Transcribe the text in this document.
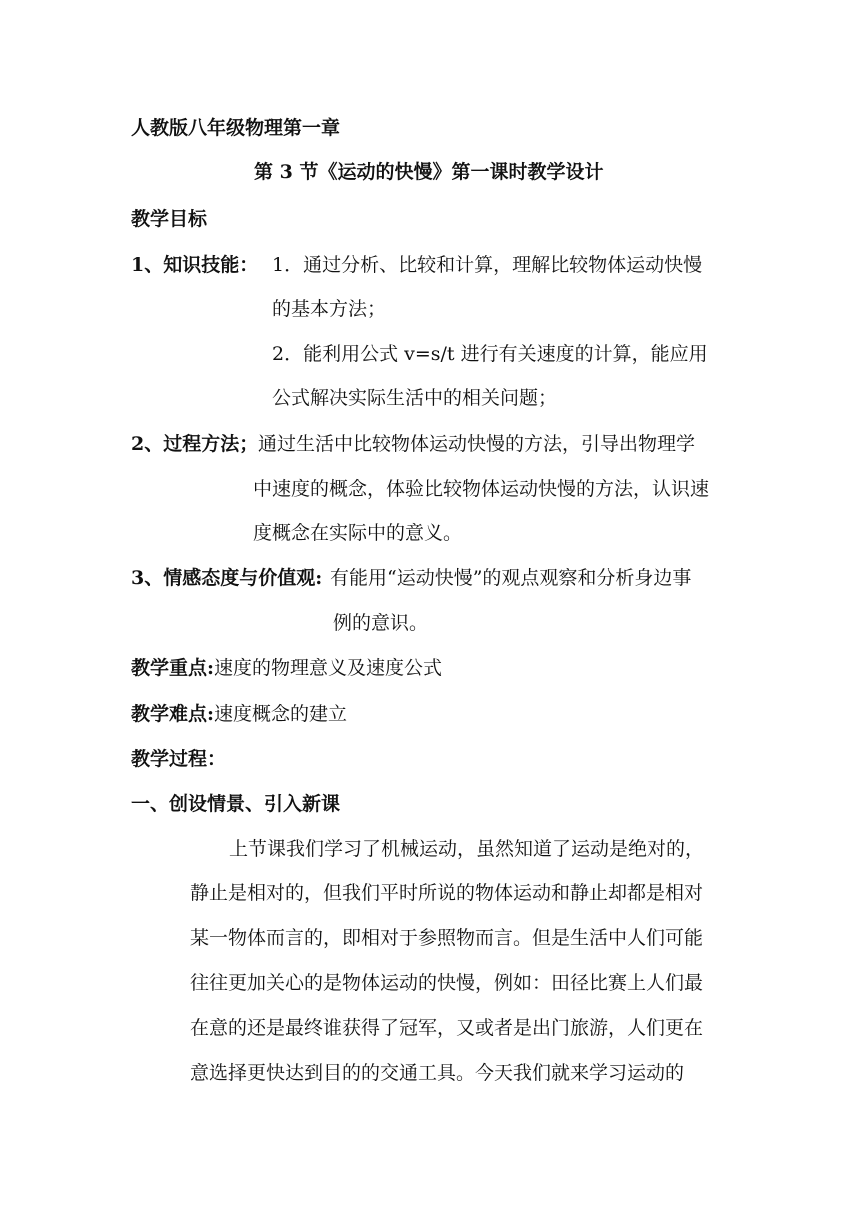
人教版八年级物理第一章
第 3 节《运动的快慢》第一课时教学设计
教学目标
1、知识技能： 1．通过分析、比较和计算，理解比较物体运动快慢
的基本方法；
2．能利用公式 v=s/t 进行有关速度的计算，能应用
公式解决实际生活中的相关问题；
2、过程方法； 通过生活中比较物体运动快慢的方法，引导出物理学
中速度的概念，体验比较物体运动快慢的方法，认识速
度概念在实际中的意义。
3、情感态度与价值观: 有能用“运动快慢”的观点观察和分析身边事
例的意识。
教学重点:速度的物理意义及速度公式
教学难点:速度概念的建立
教学过程：
一、创设情景、引入新课
上节课我们学习了机械运动，虽然知道了运动是绝对的，
静止是相对的，但我们平时所说的物体运动和静止却都是相对
某一物体而言的，即相对于参照物而言。但是生活中人们可能
往往更加关心的是物体运动的快慢，例如：田径比赛上人们最
在意的还是最终谁获得了冠军，又或者是出门旅游，人们更在
意选择更快达到目的的交通工具。今天我们就来学习运动的
